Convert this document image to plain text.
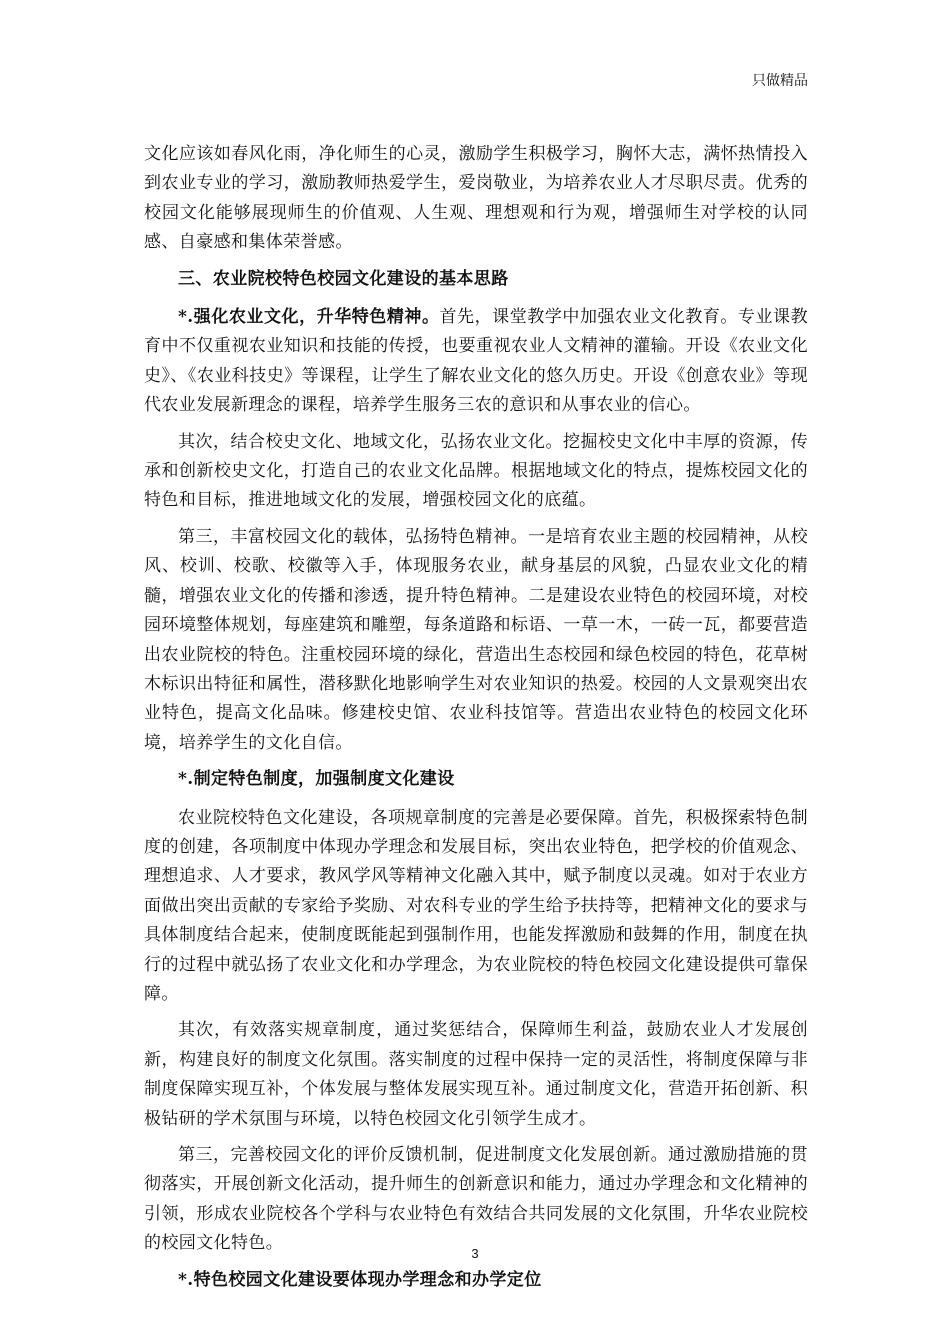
只做精品

文化应该如春风化雨，净化师生的心灵，激励学生积极学习，胸怀大志，满怀热情投入到农业专业的学习，激励教师热爱学生，爱岗敬业，为培养农业人才尽职尽责。优秀的校园文化能够展现师生的价值观、人生观、理想观和行为观，增强师生对学校的认同感、自豪感和集体荣誉感。

三、农业院校特色校园文化建设的基本思路

*.强化农业文化，升华特色精神。首先，课堂教学中加强农业文化教育。专业课教育中不仅重视农业知识和技能的传授，也要重视农业人文精神的灌输。开设《农业文化史》、《农业科技史》等课程，让学生了解农业文化的悠久历史。开设《创意农业》等现代农业发展新理念的课程，培养学生服务三农的意识和从事农业的信心。

其次，结合校史文化、地域文化，弘扬农业文化。挖掘校史文化中丰厚的资源，传承和创新校史文化，打造自己的农业文化品牌。根据地域文化的特点，提炼校园文化的特色和目标，推进地域文化的发展，增强校园文化的底蕴。

第三，丰富校园文化的载体，弘扬特色精神。一是培育农业主题的校园精神，从校风、校训、校歌、校徽等入手，体现服务农业，献身基层的风貌，凸显农业文化的精髓，增强农业文化的传播和渗透，提升特色精神。二是建设农业特色的校园环境，对校园环境整体规划，每座建筑和雕塑，每条道路和标语、一草一木，一砖一瓦，都要营造出农业院校的特色。注重校园环境的绿化，营造出生态校园和绿色校园的特色，花草树木标识出特征和属性，潜移默化地影响学生对农业知识的热爱。校园的人文景观突出农业特色，提高文化品味。修建校史馆、农业科技馆等。营造出农业特色的校园文化环境，培养学生的文化自信。

*.制定特色制度，加强制度文化建设

农业院校特色文化建设，各项规章制度的完善是必要保障。首先，积极探索特色制度的创建，各项制度中体现办学理念和发展目标，突出农业特色，把学校的价值观念、理想追求、人才要求，教风学风等精神文化融入其中，赋予制度以灵魂。如对于农业方面做出突出贡献的专家给予奖励、对农科专业的学生给予扶持等，把精神文化的要求与具体制度结合起来，使制度既能起到强制作用，也能发挥激励和鼓舞的作用，制度在执行的过程中就弘扬了农业文化和办学理念，为农业院校的特色校园文化建设提供可靠保障。

其次，有效落实规章制度，通过奖惩结合，保障师生利益，鼓励农业人才发展创新，构建良好的制度文化氛围。落实制度的过程中保持一定的灵活性，将制度保障与非制度保障实现互补，个体发展与整体发展实现互补。通过制度文化，营造开拓创新、积极钻研的学术氛围与环境，以特色校园文化引领学生成才。

第三，完善校园文化的评价反馈机制，促进制度文化发展创新。通过激励措施的贯彻落实，开展创新文化活动，提升师生的创新意识和能力，通过办学理念和文化精神的引领，形成农业院校各个学科与农业特色有效结合共同发展的文化氛围，升华农业院校的校园文化特色。

*.特色校园文化建设要体现办学理念和办学定位

3
